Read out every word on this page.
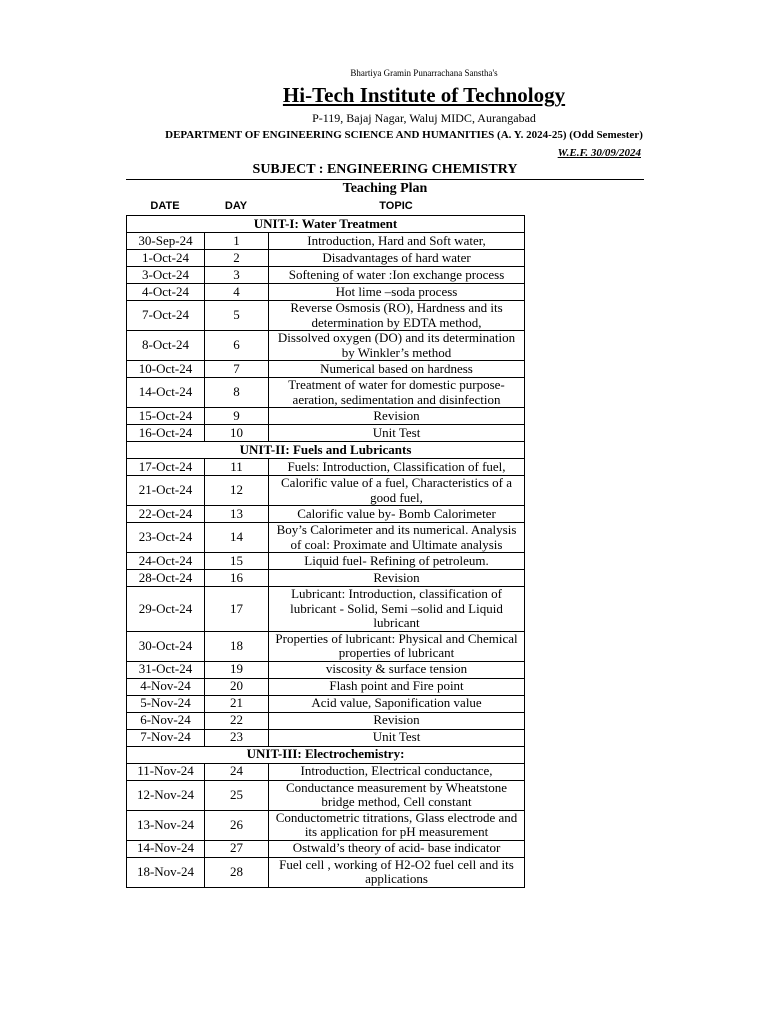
Bhartiya Gramin Punarrachana Sanstha's
Hi-Tech Institute of Technology
P-119, Bajaj Nagar, Waluj MIDC, Aurangabad
DEPARTMENT OF ENGINEERING SCIENCE AND HUMANITIES (A. Y. 2024-25) (Odd Semester)
W.E.F. 30/09/2024
SUBJECT : ENGINEERING CHEMISTRY
Teaching Plan
DATE	DAY	TOPIC
UNIT-I: Water Treatment		
30-Sep-24	1	Introduction, Hard and Soft water,
1-Oct-24	2	Disadvantages of hard water
3-Oct-24	3	Softening of water :Ion exchange process
4-Oct-24	4	Hot lime –soda process
7-Oct-24	5	Reverse Osmosis (RO), Hardness and its determination by EDTA method,
8-Oct-24	6	Dissolved oxygen (DO) and its determination by Winkler’s method
10-Oct-24	7	Numerical based on hardness
14-Oct-24	8	Treatment of water for domestic purpose- aeration, sedimentation and disinfection
15-Oct-24	9	Revision
16-Oct-24	10	Unit Test
UNIT-II: Fuels and Lubricants		
17-Oct-24	11	Fuels: Introduction, Classification of fuel,
21-Oct-24	12	Calorific value of a fuel, Characteristics of a good fuel,
22-Oct-24	13	Calorific value by- Bomb Calorimeter
23-Oct-24	14	Boy’s Calorimeter and its numerical. Analysis of coal: Proximate and Ultimate analysis
24-Oct-24	15	Liquid fuel- Refining of petroleum.
28-Oct-24	16	Revision
29-Oct-24	17	Lubricant: Introduction, classification of lubricant - Solid, Semi –solid and Liquid lubricant
30-Oct-24	18	Properties of lubricant: Physical and Chemical properties of lubricant
31-Oct-24	19	viscosity & surface tension
4-Nov-24	20	Flash point and Fire point
5-Nov-24	21	Acid value, Saponification value
6-Nov-24	22	Revision
7-Nov-24	23	Unit Test
UNIT-III: Electrochemistry:		
11-Nov-24	24	Introduction, Electrical conductance,
12-Nov-24	25	Conductance measurement by Wheatstone bridge method, Cell constant
13-Nov-24	26	Conductometric titrations, Glass electrode and its application for pH measurement
14-Nov-24	27	Ostwald’s theory of acid- base indicator
18-Nov-24	28	Fuel cell , working of H2-O2 fuel cell and its applications
